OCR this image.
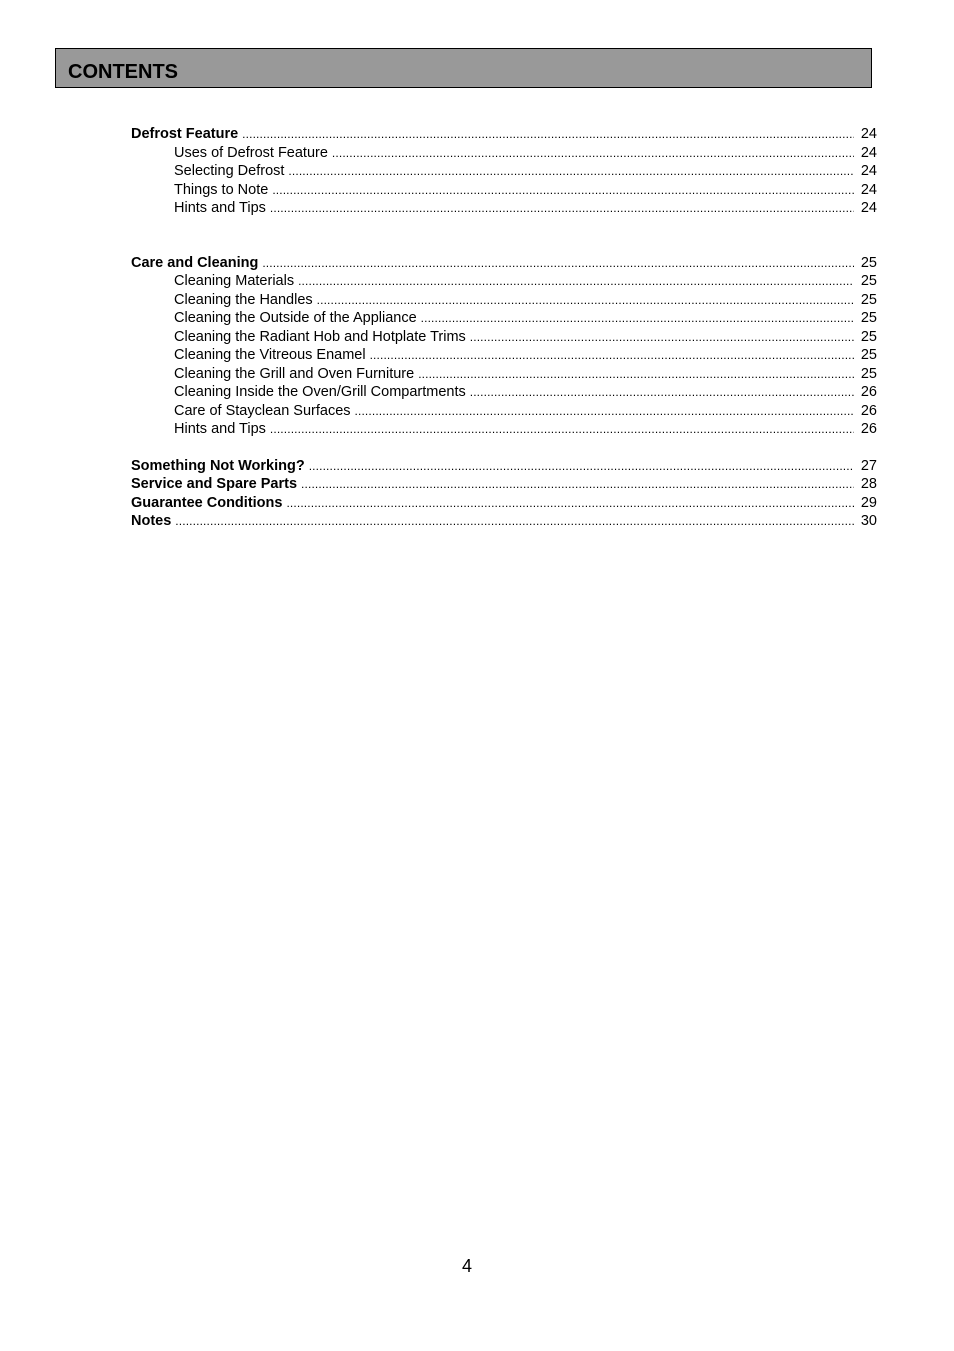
CONTENTS
Defrost Feature . . .	24
Uses of Defrost Feature . . .	24
Selecting Defrost . . .	24
Things to Note . . .	24
Hints and Tips . . .	24
Care and Cleaning . . .	25
Cleaning Materials . . .	25
Cleaning the Handles . . .	25
Cleaning the Outside of the Appliance . . .	25
Cleaning the Radiant Hob and Hotplate Trims . . .	25
Cleaning the Vitreous Enamel . . .	25
Cleaning the Grill and Oven Furniture . . .	25
Cleaning Inside the Oven/Grill Compartments . . .	26
Care of Stayclean Surfaces . . .	26
Hints and Tips . . .	26
Something Not Working? . . .	27
Service and Spare Parts . . .	28
Guarantee Conditions . . .	29
Notes . . .	30
4
